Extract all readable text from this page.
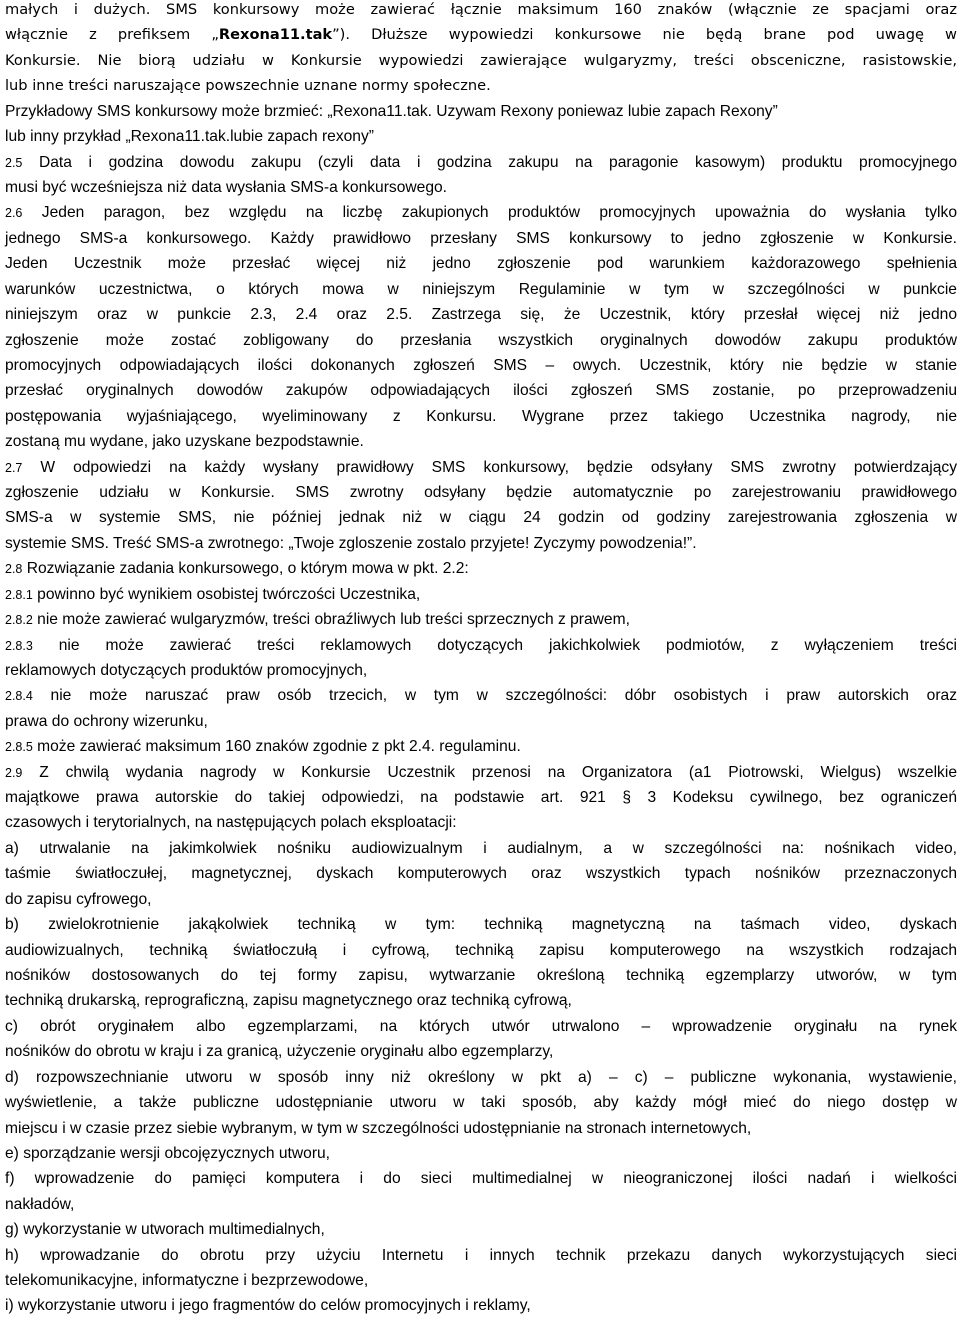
małych i dużych. SMS konkursowy może zawierać łącznie maksimum 160 znaków (włącznie ze spacjami oraz
włącznie z prefiksem „Rexona11.tak”). Dłuższe wypowiedzi konkursowe nie będą brane pod uwagę w
Konkursie. Nie biorą udziału w Konkursie wypowiedzi zawierające wulgaryzmy, treści obsceniczne, rasistowskie,
lub inne treści naruszające powszechnie uznane normy społeczne.
Przykładowy SMS konkursowy może brzmieć: „Rexona11.tak. Uzywam Rexony poniewaz lubie zapach Rexony”
lub inny przykład „Rexona11.tak.lubie zapach rexony”
2.5 Data i godzina dowodu zakupu (czyli data i godzina zakupu na paragonie kasowym) produktu promocyjnego
musi być wcześniejsza niż data wysłania SMS-a konkursowego.
2.6 Jeden paragon, bez względu na liczbę zakupionych produktów promocyjnych upoważnia do wysłania tylko
jednego SMS-a konkursowego. Każdy prawidłowo przesłany SMS konkursowy to jedno zgłoszenie w Konkursie.
Jeden Uczestnik może przesłać więcej niż jedno zgłoszenie pod warunkiem każdorazowego spełnienia
warunków uczestnictwa, o których mowa w niniejszym Regulaminie w tym w szczególności w punkcie
niniejszym oraz w punkcie 2.3, 2.4 oraz 2.5. Zastrzega się, że Uczestnik, który przesłał więcej niż jedno
zgłoszenie może zostać zobligowany do przesłania wszystkich oryginalnych dowodów zakupu produktów
promocyjnych odpowiadających ilości dokonanych zgłoszeń SMS – owych. Uczestnik, który nie będzie w stanie
przesłać oryginalnych dowodów zakupów odpowiadających ilości zgłoszeń SMS zostanie, po przeprowadzeniu
postępowania wyjaśniającego, wyeliminowany z Konkursu. Wygrane przez takiego Uczestnika nagrody, nie
zostaną mu wydane, jako uzyskane bezpodstawnie.
2.7 W odpowiedzi na każdy wysłany prawidłowy SMS konkursowy, będzie odsyłany SMS zwrotny potwierdzający
zgłoszenie udziału w Konkursie. SMS zwrotny odsyłany będzie automatycznie po zarejestrowaniu prawidłowego
SMS-a w systemie SMS, nie później jednak niż w ciągu 24 godzin od godziny zarejestrowania zgłoszenia w
systemie SMS. Treść SMS-a zwrotnego: „Twoje zgloszenie zostalo przyjete! Zyczymy powodzenia!”.
2.8 Rozwiązanie zadania konkursowego, o którym mowa w pkt. 2.2:
2.8.1 powinno być wynikiem osobistej twórczości Uczestnika,
2.8.2 nie może zawierać wulgaryzmów, treści obraźliwych lub treści sprzecznych z prawem,
2.8.3 nie może zawierać treści reklamowych dotyczących jakichkolwiek podmiotów, z wyłączeniem treści
reklamowych dotyczących produktów promocyjnych,
2.8.4 nie może naruszać praw osób trzecich, w tym w szczególności: dóbr osobistych i praw autorskich oraz
prawa do ochrony wizerunku,
2.8.5 może zawierać maksimum 160 znaków zgodnie z pkt 2.4. regulaminu.
2.9 Z chwilą wydania nagrody w Konkursie Uczestnik przenosi na Organizatora (a1 Piotrowski, Wielgus) wszelkie
majątkowe prawa autorskie do takiej odpowiedzi, na podstawie art. 921 § 3 Kodeksu cywilnego, bez ograniczeń
czasowych i terytorialnych, na następujących polach eksploatacji:
a) utrwalanie na jakimkolwiek nośniku audiowizualnym i audialnym, a w szczególności na: nośnikach video,
taśmie światłoczułej, magnetycznej, dyskach komputerowych oraz wszystkich typach nośników przeznaczonych
do zapisu cyfrowego,
b) zwielokrotnienie jakąkolwiek techniką w tym: techniką magnetyczną na taśmach video, dyskach
audiowizualnych, techniką światłoczułą i cyfrową, techniką zapisu komputerowego na wszystkich rodzajach
nośników dostosowanych do tej formy zapisu, wytwarzanie określoną techniką egzemplarzy utworów, w tym
techniką drukarską, reprograficzną, zapisu magnetycznego oraz techniką cyfrową,
c) obrót oryginałem albo egzemplarzami, na których utwór utrwalono – wprowadzenie oryginału na rynek
nośników do obrotu w kraju i za granicą, użyczenie oryginału albo egzemplarzy,
d) rozpowszechnianie utworu w sposób inny niż określony w pkt a) – c) – publiczne wykonania, wystawienie,
wyświetlenie, a także publiczne udostępnianie utworu w taki sposób, aby każdy mógł mieć do niego dostęp w
miejscu i w czasie przez siebie wybranym, w tym w szczególności udostępnianie na stronach internetowych,
e) sporządzanie wersji obcojęzycznych utworu,
f) wprowadzenie do pamięci komputera i do sieci multimedialnej w nieograniczonej ilości nadań i wielkości
nakładów,
g) wykorzystanie w utworach multimedialnych,
h) wprowadzanie do obrotu przy użyciu Internetu i innych technik przekazu danych wykorzystujących sieci
telekomunikacyjne, informatyczne i bezprzewodowe,
i) wykorzystanie utworu i jego fragmentów do celów promocyjnych i reklamy,
